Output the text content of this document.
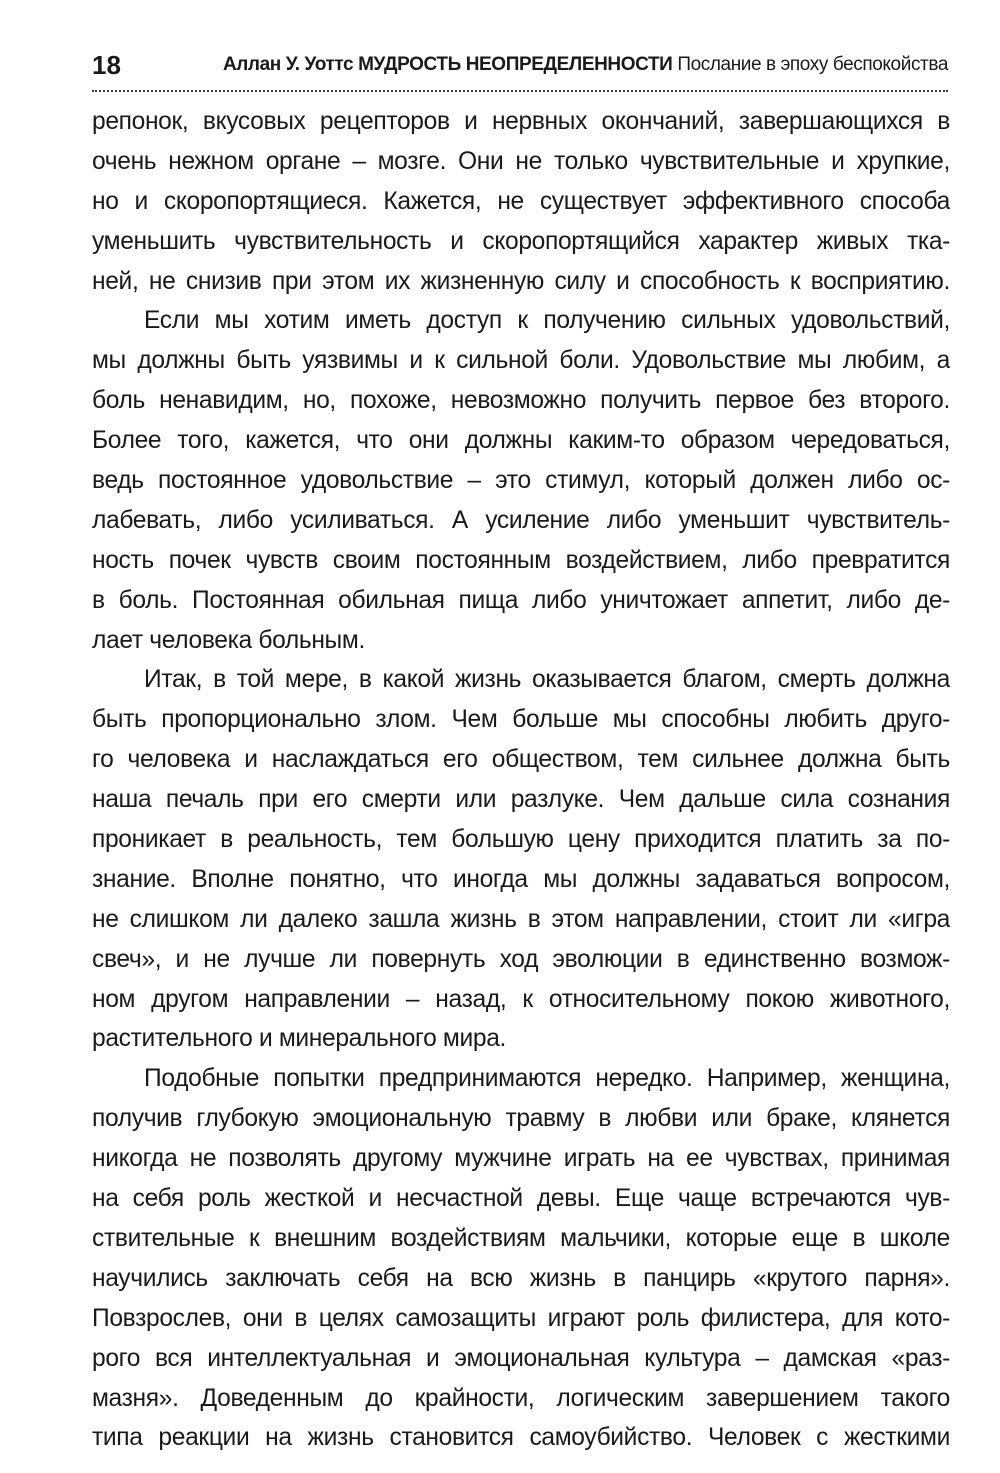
18	Аллан У. Уоттс МУДРОСТЬ НЕОПРЕДЕЛЕННОСТИ Послание в эпоху беспокойства

репонок, вкусовых рецепторов и нервных окончаний, завершающихся в
очень нежном органе – мозге. Они не только чувствительные и хрупкие,
но и скоропортящиеся. Кажется, не существует эффективного способа
уменьшить чувствительность и скоропортящийся характер живых тка-
ней, не снизив при этом их жизненную силу и способность к восприятию.

Если мы хотим иметь доступ к получению сильных удовольствий,
мы должны быть уязвимы и к сильной боли. Удовольствие мы любим, а
боль ненавидим, но, похоже, невозможно получить первое без второго.
Более того, кажется, что они должны каким-то образом чередоваться,
ведь постоянное удовольствие – это стимул, который должен либо ос-
лабевать, либо усиливаться. А усиление либо уменьшит чувствитель-
ность почек чувств своим постоянным воздействием, либо превратится
в боль. Постоянная обильная пища либо уничтожает аппетит, либо де-
лает человека больным.

Итак, в той мере, в какой жизнь оказывается благом, смерть должна
быть пропорционально злом. Чем больше мы способны любить друго-
го человека и наслаждаться его обществом, тем сильнее должна быть
наша печаль при его смерти или разлуке. Чем дальше сила сознания
проникает в реальность, тем большую цену приходится платить за по-
знание. Вполне понятно, что иногда мы должны задаваться вопросом,
не слишком ли далеко зашла жизнь в этом направлении, стоит ли «игра
свеч», и не лучше ли повернуть ход эволюции в единственно возмож-
ном другом направлении – назад, к относительному покою животного,
растительного и минерального мира.

Подобные попытки предпринимаются нередко. Например, женщина,
получив глубокую эмоциональную травму в любви или браке, клянется
никогда не позволять другому мужчине играть на ее чувствах, принимая
на себя роль жесткой и несчастной девы. Еще чаще встречаются чув-
ствительные к внешним воздействиям мальчики, которые еще в школе
научились заключать себя на всю жизнь в панцирь «крутого парня».
Повзрослев, они в целях самозащиты играют роль филистера, для кото-
рого вся интеллектуальная и эмоциональная культура – дамская «раз-
мазня». Доведенным до крайности, логическим завершением такого
типа реакции на жизнь становится самоубийство. Человек с жесткими
